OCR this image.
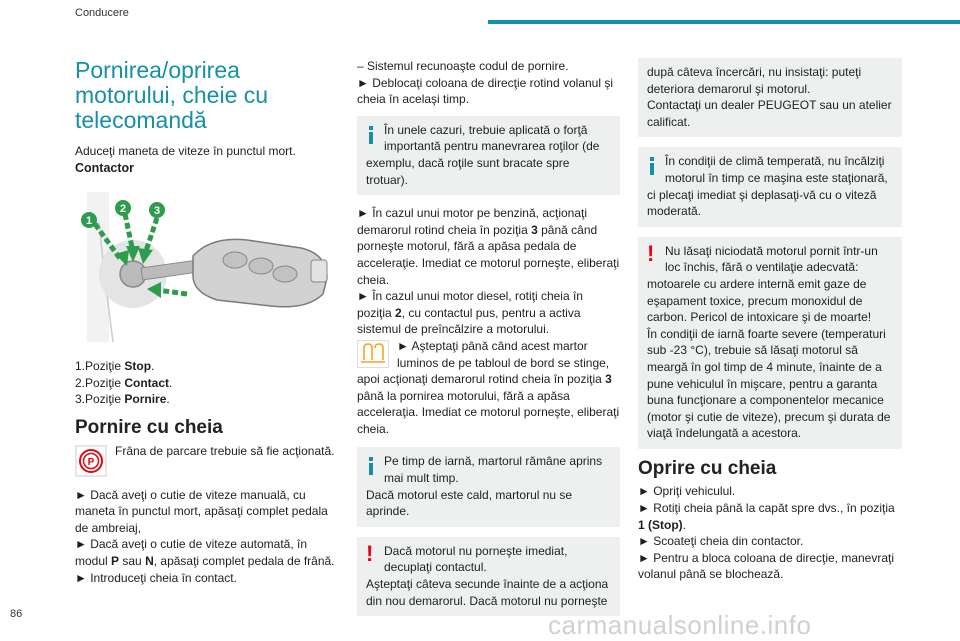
Conducere
Pornirea/oprirea motorului, cheie cu telecomandă

Aduceţi maneta de viteze în punctul mort.

Contactor

1
2	3

1.Poziţie Stop.

2.Poziţie Contact.

3.Poziţie Pornire.

Pornire cu cheia
P

Frâna de parcare trebuie să fie acţionată.

► Dacă aveţi o cutie de viteze manuală, cu maneta în punctul mort, apăsaţi complet pedala de ambreiaj,

► Dacă aveţi o cutie de viteze automată, în modul P sau N, apăsaţi complet pedala de frână.

► Introduceţi cheia în contact.

– Sistemul recunoaşte codul de pornire.

► Deblocaţi coloana de direcţie rotind volanul şi cheia în acelaşi timp.

În unele cazuri, trebuie aplicată o forţă importantă pentru manevrarea roţilor (de exemplu, dacă roţile sunt bracate spre trotuar).

► În cazul unui motor pe benzină, acţionaţi demarorul rotind cheia în poziţia 3 până când porneşte motorul, fără a apăsa pedala de acceleraţie. Imediat ce motorul porneşte, eliberaţi cheia.

► În cazul unui motor diesel, rotiţi cheia în poziţia 2, cu contactul pus, pentru a activa sistemul de preîncălzire a motorului.

► Aşteptaţi până când acest martor luminos de pe tabloul de bord se stinge, apoi acţionaţi demarorul rotind cheia în poziţia 3 până la pornirea motorului, fără a apăsa acceleraţia. Imediat ce motorul porneşte, eliberaţi cheia.

Pe timp de iarnă, martorul rămâne aprins mai mult timp.

Dacă motorul este cald, martorul nu se aprinde.

! Dacă motorul nu porneşte imediat, decuplaţi contactul.

Aşteptaţi câteva secunde înainte de a acţiona din nou demarorul. Dacă motorul nu porneşte

după câteva încercări, nu insistaţi: puteţi deteriora demarorul şi motorul.

Contactaţi un dealer PEUGEOT sau un atelier calificat.

În condiţii de climă temperată, nu încălziţi motorul în timp ce maşina este staţionară, ci plecaţi imediat şi deplasaţi-vă cu o viteză moderată.

! Nu lăsaţi niciodată motorul pornit într-un loc închis, fără o ventilaţie adecvată: motoarele cu ardere internă emit gaze de eşapament toxice, precum monoxidul de carbon. Pericol de intoxicare şi de moarte!

În condiţii de iarnă foarte severe (temperaturi sub -23 °C), trebuie să lăsaţi motorul să meargă în gol timp de 4 minute, înainte de a pune vehiculul în mişcare, pentru a garanta buna funcţionare a componentelor mecanice (motor şi cutie de viteze), precum şi durata de viaţă îndelungată a acestora.

Oprire cu cheia

► Opriţi vehiculul.

► Rotiţi cheia până la capăt spre dvs., în poziţia 1 (Stop).

► Scoateţi cheia din contactor.

► Pentru a bloca coloana de direcţie, manevraţi volanul până se blochează.

86	carmanualsonline.info
